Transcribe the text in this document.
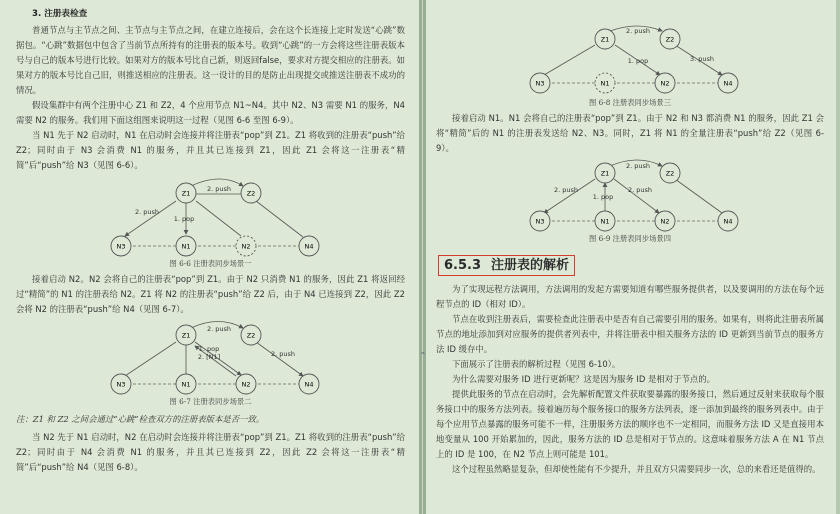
⌃
3. 注册表检查

普通节点与主节点之间、主节点与主节点之间，在建立连接后，会在这个长连接上定时发送“心跳”数据包。“心跳”数据包中包含了当前节点所持有的注册表的版本号。收到“心跳”的一方会将这些注册表版本号与自己的版本号进行比较。如果对方的版本号比自己新，则返回false，要求对方提交相应的注册表。如果对方的版本号比自己旧，则推送相应的注册表。这一设计的目的是防止出现提交或推送注册表不成功的情况。

假设集群中有两个注册中心 Z1 和 Z2，4 个应用节点 N1~N4。其中 N2、N3 需要 N1 的服务，N4 需要 N2 的服务。我们用下面这组图来说明这一过程（见图 6-6 至图 6-9）。

当 N1 先于 N2 启动时，N1 在启动时会连接并将注册表“pop”到 Z1。Z1 将收到的注册表“push”给 Z2；同时由于 N3 会消费 N1 的服务，并且其已连接到 Z1，因此 Z1 会将这一注册表“精简”后“push”给 N3（见图 6-6）。

2. push
2. push
1. pop
Z1	Z2
N3	N1	N2	N4
图 6-6 注册表同步场景一

接着启动 N2。N2 会将自己的注册表“pop”到 Z1。由于 N2 只消费 N1 的服务，因此 Z1 将返回经过“精简”的 N1 的注册表给 N2。Z1 将 N2 的注册表“push”给 Z2 后，由于 N4 已连接到 Z2，因此 Z2 会将 N2 的注册表“push”给 N4（见图 6-7）。

2. push
1. pop
2. [N1]	2. push
Z1	Z2
N3	N1	N2	N4
图 6-7 注册表同步场景二

注：Z1 和 Z2 之间会通过“心跳”检查双方的注册表版本是否一致。

当 N2 先于 N1 启动时，N2 在启动时会连接并将注册表“pop”到 Z1。Z1 将收到的注册表“push”给 Z2；同时由于 N4 会消费 N1 的服务，并且其已连接到 Z2，因此 Z2 会将这一注册表“精简”后“push”给 N4（见图 6-8）。

2. push
1. pop	3. push
Z1	Z2
N3	N1	N2	N4
图 6-8 注册表同步场景三

接着启动 N1。N1 会将自己的注册表“pop”到 Z1。由于 N2 和 N3 都消费 N1 的服务，因此 Z1 会将“精简”后的 N1 的注册表发送给 N2、N3。同时，Z1 将 N1 的全量注册表“push”给 Z2（见图 6-9）。

2. push
2. push
1. pop
2. push
Z1	Z2
N3	N1	N2	N4
图 6-9 注册表同步场景四
6.5.3 注册表的解析

为了实现远程方法调用，方法调用的发起方需要知道有哪些服务提供者，以及要调用的方法在每个远程节点的 ID（相对 ID）。

节点在收到注册表后，需要检查此注册表中是否有自己需要引用的服务。如果有，则将此注册表所属节点的地址添加到对应服务的提供者列表中，并将注册表中相关服务方法的 ID 更新到当前节点的服务方法 ID 缓存中。

下面展示了注册表的解析过程（见图 6-10）。

为什么需要对服务 ID 进行更新呢？这是因为服务 ID 是相对于节点的。

提供此服务的节点在启动时，会先解析配置文件获取要暴露的服务接口，然后通过反射来获取每个服务接口中的服务方法列表。接着遍历每个服务接口的服务方法列表，逐一添加到最终的服务列表中。由于每个应用节点暴露的服务可能不一样，注册服务方法的顺序也不一定相同，而服务方法 ID 又是直接用本地变量从 100 开始累加的，因此，服务方法的 ID 总是相对于节点的。这意味着服务方法 A 在 N1 节点上的 ID 是 100，在 N2 节点上则可能是 101。

这个过程虽然略显复杂，但却使性能有不少提升，并且双方只需要同步一次，总的来看还是值得的。
